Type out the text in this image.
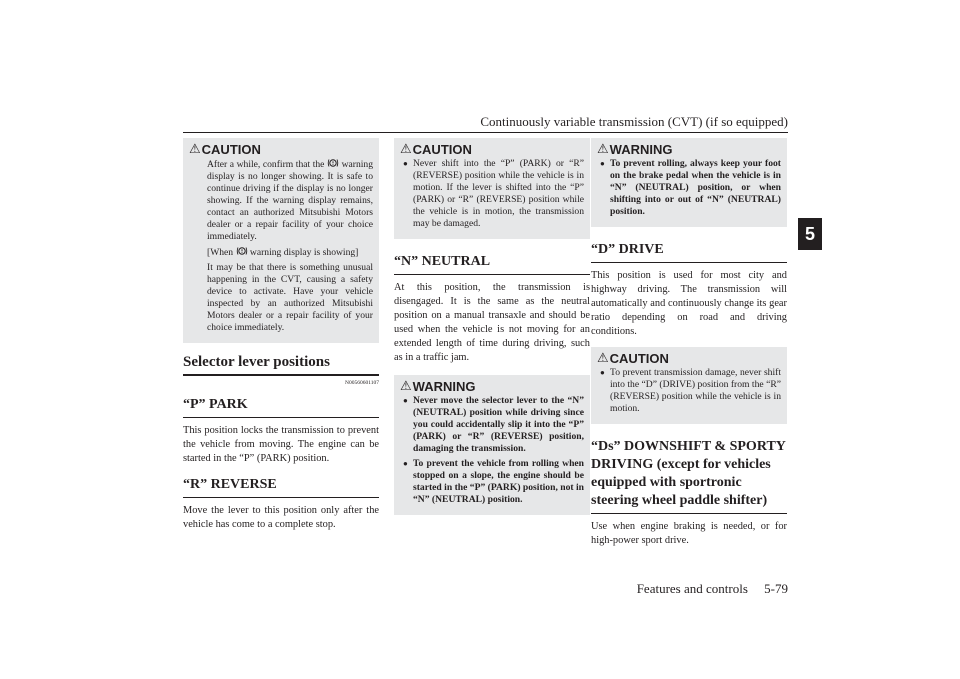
Continuously variable transmission (CVT) (if so equipped)
5
⚠ CAUTION

After a while, confirm that the warning display is no longer showing. It is safe to continue driving if the display is no longer showing. If the warning display remains, contact an authorized Mitsubishi Motors dealer or a repair facility of your choice immediately.

[When warning display is showing]

It may be that there is something unusual happening in the CVT, causing a safety device to activate. Have your vehicle inspected by an authorized Mitsubishi Motors dealer or a repair facility of your choice immediately.

Selector lever positions
N00560601107
“P” PARK

This position locks the transmission to prevent the vehicle from moving. The engine can be started in the “P” (PARK) position.

“R” REVERSE

Move the lever to this position only after the vehicle has come to a complete stop.

⚠ CAUTION
● Never shift into the “P” (PARK) or “R” (REVERSE) position while the vehicle is in motion. If the lever is shifted into the “P” (PARK) or “R” (REVERSE) position while the vehicle is in motion, the transmission may be damaged.
“N” NEUTRAL

At this position, the transmission is disengaged. It is the same as the neutral position on a manual transaxle and should be used when the vehicle is not moving for an extended length of time during driving, such as in a traffic jam.

⚠ WARNING
● Never move the selector lever to the “N” (NEUTRAL) position while driving since you could accidentally slip it into the “P” (PARK) or “R” (REVERSE) position, damaging the transmission.
● To prevent the vehicle from rolling when stopped on a slope, the engine should be started in the “P” (PARK) position, not in “N” (NEUTRAL) position.
⚠ WARNING
● To prevent rolling, always keep your foot on the brake pedal when the vehicle is in “N” (NEUTRAL) position, or when shifting into or out of “N” (NEUTRAL) position.
“D” DRIVE

This position is used for most city and highway driving. The transmission will automatically and continuously change its gear ratio depending on road and driving conditions.

⚠ CAUTION
● To prevent transmission damage, never shift into the “D” (DRIVE) position from the “R” (REVERSE) position while the vehicle is in motion.
“Ds” DOWNSHIFT & SPORTY DRIVING (except for vehicles equipped with sportronic steering wheel paddle shifter)

Use when engine braking is needed, or for high-power sport drive.

Features and controls 5-79
